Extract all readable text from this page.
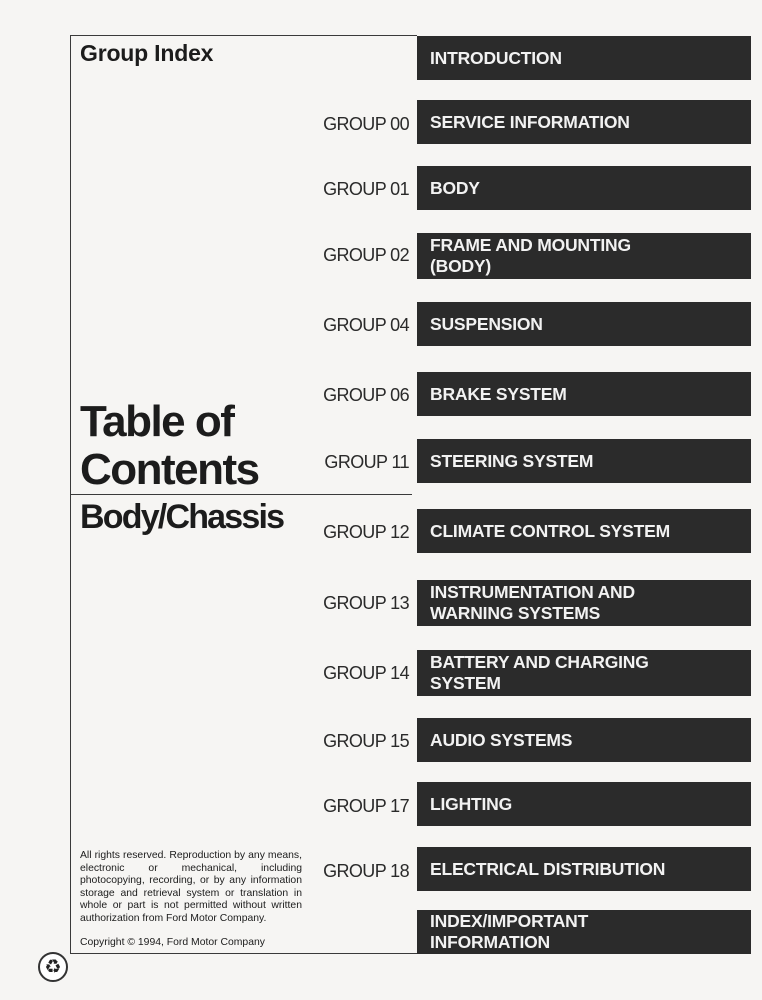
Group Index
Table of
Contents
Body/Chassis
All rights reserved. Reproduction by any means, electronic or mechanical, including photocopying, recording, or by any information storage and retrieval system or translation in whole or part is not permitted without written authorization from Ford Motor Company.
Copyright © 1994, Ford Motor Company
♻
INTRODUCTION
GROUP 00 SERVICE INFORMATION
GROUP 01 BODY
GROUP 02 FRAME AND MOUNTING
(BODY)
GROUP 04 SUSPENSION
GROUP 06 BRAKE SYSTEM
GROUP 11 STEERING SYSTEM
GROUP 12 CLIMATE CONTROL SYSTEM
GROUP 13
INSTRUMENTATION AND
WARNING SYSTEMS
GROUP 14
BATTERY AND CHARGING
SYSTEM
GROUP 15 AUDIO SYSTEMS
GROUP 17 LIGHTING
GROUP 18 ELECTRICAL DISTRIBUTION
INDEX/IMPORTANT
INFORMATION
